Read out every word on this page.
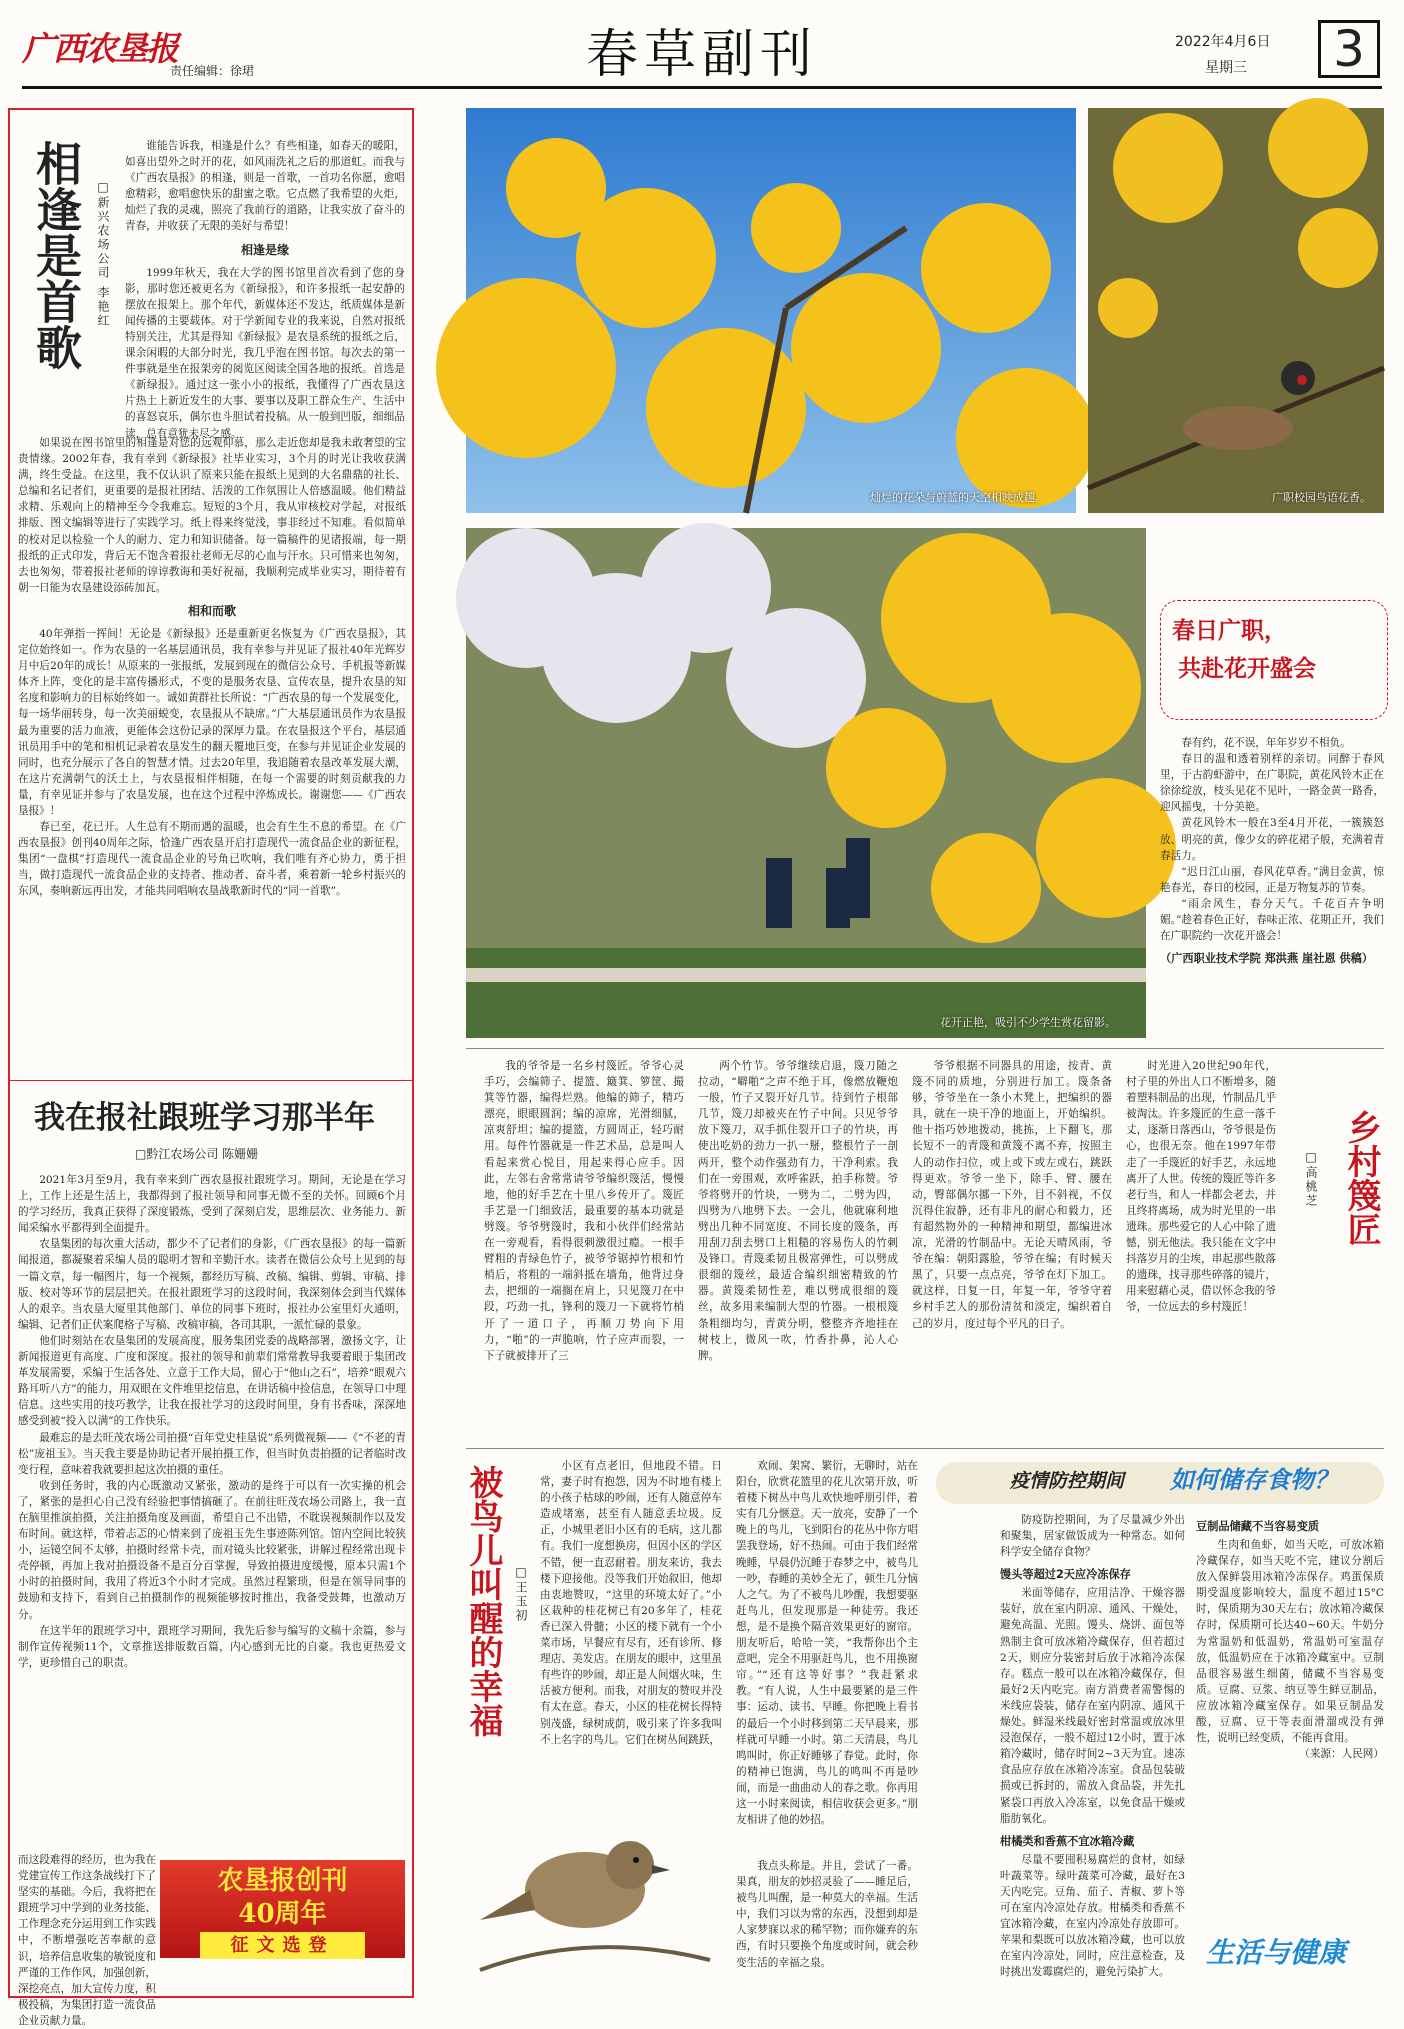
广西农垦报
责任编辑：徐珺	春草副刊	2022年4月6日
星期三	3
相逢是首歌 □新兴农场公司 李艳红

谁能告诉我，相逢是什么？有些相逢，如春天的暖阳，如喜出望外之时开的花，如风雨洗礼之后的那道虹。而我与《广西农垦报》的相逢，则是一首歌，一首功名你愿，愈唱愈精彩，愈唱愈快乐的甜蜜之歌。它点燃了我希望的火炬，灿烂了我的灵魂，照亮了我前行的道路，让我实放了奋斗的青春，并收获了无限的美好与希望！

相逢是缘

1999年秋天，我在大学的图书馆里首次看到了您的身影，那时您还被更名为《新绿报》，和许多报纸一起安静的摆放在报架上。那个年代，新媒体还不发达，纸质媒体是新闻传播的主要载体。对于学新闻专业的我来说，自然对报纸特别关注，尤其是得知《新绿报》是农垦系统的报纸之后，课余闲暇的大部分时光，我几乎泡在图书馆。每次去的第一件事就是坐在报架旁的阅览区阅读全国各地的报纸。首选是《新绿报》。通过这一张小小的报纸，我懂得了广西农垦这片热土上新近发生的大事、要事以及职工群众生产、生活中的喜怒哀乐，偶尔也斗胆试着投稿。从一般到凹版，细细品读，总有意犹未尽之感。

如果说在图书馆里的相逢是对您的远观仰慕，那么走近您却是我未敢奢望的宝贵情缘。2002年春，我有幸到《新绿报》社毕业实习，3个月的时光让我收获满满，终生受益。在这里，我不仅认识了原来只能在报纸上见到的大名鼎鼎的社长、总编和名记者们，更重要的是报社团结、活泼的工作氛围让人倍感温暖。他们精益求精、乐观向上的精神至今令我难忘。短短的3个月，我从审核校对学起，对报纸排版、图文编辑等进行了实践学习。纸上得来终觉浅，事非经过不知难。看似简单的校对足以检验一个人的耐力、定力和知识储备。每一篇稿件的见诸报端，每一期报纸的正式印发，背后无不饱含着报社老师无尽的心血与汗水。只可惜来也匆匆，去也匆匆，带着报社老师的谆谆教诲和美好祝福，我顺利完成毕业实习，期待着有朝一日能为农垦建设添砖加瓦。

相和而歌

40年弹指一挥间！无论是《新绿报》还是重新更名恢复为《广西农垦报》，其定位始终如一。作为农垦的一名基层通讯员，我有幸参与并见证了报社40年光辉岁月中后20年的成长！从原来的一张报纸，发展到现在的微信公众号、手机报等新媒体齐上阵，变化的是丰富传播形式，不变的是服务农垦、宣传农垦，提升农垦的知名度和影响力的目标始终如一。诚如黄群社长所说：“广西农垦的每一个发展变化，每一场华丽转身，每一次美丽蜕变，农垦报从不缺席。”广大基层通讯员作为农垦报最为重要的活力血液，更能体会这份记录的深厚力量。在农垦报这个平台，基层通讯员用手中的笔和相机记录着农垦发生的翻天覆地巨变，在参与并见证企业发展的同时，也充分展示了各自的智慧才情。过去20年里，我追随着农垦改革发展大潮，在这片充满朝气的沃土上，与农垦报相伴相随，在每一个需要的时刻贡献我的力量，有幸见证并参与了农垦发展，也在这个过程中淬炼成长。谢谢您——《广西农垦报》！

春已至，花已开。人生总有不期而遇的温暖，也会有生生不息的希望。在《广西农垦报》创刊40周年之际，恰逢广西农垦开启打造现代一流食品企业的新征程，集团“一盘棋”打造现代一流食品企业的号角已吹响，我们唯有齐心协力，勇于担当，做打造现代一流食品企业的支持者、推动者、奋斗者，乘着新一轮乡村振兴的东风，奏响新远再出发，才能共同唱响农垦战歌新时代的“同一首歌”。

我在报社跟班学习那半年
□黔江农场公司 陈姗姗

2021年3月至9月，我有幸来到广西农垦报社跟班学习。期间，无论是在学习上，工作上还是生活上，我都得到了报社领导和同事无微不至的关怀。回顾6个月的学习经历，我真正获得了深度锻炼，受到了深刻启发，思维层次、业务能力、新闻采编水平都得到全面提升。

农垦集团的每次重大活动，都少不了记者们的身影，《广西农垦报》的每一篇新闻报道，都凝聚着采编人员的聪明才智和辛勤汗水。读者在微信公众号上见到的每一篇文章，每一幅图片，每一个视频，都经历写稿、改稿、编辑、剪辑、审稿、排版、校对等环节的层层把关。在报社跟班学习的这段时间，我深刻体会到当代媒体人的艰辛。当农垦大厦里其他部门、单位的同事下班时，报社办公室里灯火通明，编辑、记者们正伏案爬格子写稿、改稿审稿，各司其职，一派忙碌的景象。

他们时刻站在农垦集团的发展高度，服务集团党委的战略部署，激扬文字，让新闻报道更有高度、广度和深度。报社的领导和前辈们常常教导我要着眼于集团改革发展需要，采编于生活各处、立意于工作大局，留心于“他山之石”，培养“眼观六路耳听八方”的能力，用双眼在文件堆里挖信息，在讲话稿中捡信息，在领导口中理信息。这些实用的技巧教学，让我在报社学习的这段时间里，身有书香味，深深地感受到被“投入以满”的工作快乐。

最难忘的是去旺茂农场公司拍摄“百年党史桂垦说”系列微视频——《“不老的青松”庞祖玉》。当天我主要是协助记者开展拍摄工作，但当时负责拍摄的记者临时改变行程，意味着我就要担起这次拍摄的重任。

收到任务时，我的内心既激动又紧张，激动的是终于可以有一次实操的机会了，紧张的是担心自己没有经验把事情搞砸了。在前往旺茂农场公司路上，我一直在脑里推演拍摄，关注拍摄角度及画面，希望自己不出错，不耽误视频制作以及发布时间。就这样，带着忐忑的心情来到了庞祖玉先生事迹陈列馆。馆内空间比较狭小，运镜空间不太够，拍摄时经常卡壳，而对镜头比较紧张，讲解过程经常出现卡壳停顿，再加上我对拍摄设备不是百分百掌握，导致拍摄进度缓慢，原本只需1个小时的拍摄时间，我用了将近3个小时才完成。虽然过程繁琐，但是在领导同事的鼓励和支持下，看到自己拍摄制作的视频能够按时推出，我备受鼓舞，也激动万分。

在这半年的跟班学习中，跟班学习期间，我先后参与编写的文稿十余篇，参与制作宣传视频11个，文章推送排版数百篇，内心感到无比的自豪。我也更热爱文学，更珍惜自己的职责。

而这段难得的经历，也为我在党建宣传工作这条战线打下了坚实的基础。今后，我将把在跟班学习中学到的业务技能、工作理念充分运用到工作实践中，不断增强吃苦奉献的意识，培养信息收集的敏锐度和严谨的工作作风，加强创新，深挖亮点，加大宣传力度，积极投稿，为集团打造一流食品企业贡献力量。

农垦报创刊
40周年
征文选登
灿烂的花朵与蔚蓝的天空相映成趣。	广职校园鸟语花香。
花开正艳，吸引不少学生赏花留影。
春日广职，
共赴花开盛会

春有约，花不误，年年岁岁不相负。

春日的温和透着别样的亲切。同醉于春风里，于古韵虾游中，在广职院，黄花风铃木正在徐徐绽放，枝头见花不见叶，一路金黄一路香，迎风摇曳，十分美艳。

黄花风铃木一般在3至4月开花，一簇簇怒放、明亮的黄，像少女的碎花裙子般，充满着青春活力。

“迟日江山丽，春风花草香。”满目金黄，惊艳春光，春日的校园，正是万物复苏的节奏。

“雨余风生，春分天气。千花百卉争明媚。”趁着春色正好，春味正浓、花期正开，我们在广职院约一次花开盛会！

（广西职业技术学院 郑洪燕 崖社恩 供稿）

我的爷爷是一名乡村篾匠。爷爷心灵手巧，会编筛子、提篮、簸箕、箩筐、撮箕等竹器，编得烂熟。他编的筛子，精巧漂亮，眼眼圆润；编的凉席，光滑细腻，凉爽舒坦；编的提篮，方圆周正，轻巧耐用。每件竹器就是一件艺术品，总是叫人看起来赏心悦目，用起来得心应手。因此，左邻右舍常常请爷爷编织篾活，慢慢地，他的好手艺在十里八乡传开了。篾匠手艺是一门细致活，最重要的基本功就是劈篾。爷爷劈篾时，我和小伙伴们经常站在一旁观看，看得很刺激很过瘾。一根手臂粗的青绿色竹子，被爷爷锯掉竹根和竹梢后，将粗的一端斜抵在墙角，他背过身去，把细的一端搁在肩上，只见篾刀在中段，巧劲一扎，锋利的篾刀一下就将竹梢开了一道口子，再顺刀势向下用力，“啪”的一声脆响，竹子应声而裂，一下子就被排开了三

两个竹节。爷爷继续启退，篾刀随之拉动，“噼啪”之声不绝于耳，像燃放鞭炮一般，竹子又裂开好几节。待到竹子根部几节，篾刀却被夹在竹子中间。只见爷爷放下篾刀，双手抓住裂开口子的竹块，再使出吃奶的劲力一扒一掰，整根竹子一剖两开，整个动作强劲有力，干净利索。我们在一旁围观，欢呼雀跃，拍手称赞。爷爷将劈开的竹块，一劈为二，二劈为四，四劈为八地劈下去。一会儿，他就麻利地劈出几种不同宽度、不同长度的篾条，再用刮刀刮去劈口上粗糙的容易伤人的竹刺及锋口。青篾柔韧且极富弹性，可以劈成很细的篾丝，最适合编织细密精致的竹器。黄篾柔韧性差，难以劈成很细的篾丝，故多用来编制大型的竹器。一根根篾条粗细均匀，青黄分明，整整齐齐地挂在树枝上，微风一吹，竹香扑鼻，沁人心脾。

爷爷根据不同器具的用途，按青、黄篾不同的质地，分别进行加工。篾条备够，爷爷坐在一条小木凳上，把编织的器具，就在一块干净的地面上，开始编织。他十指巧妙地拨动，挑拣，上下翻飞，那长短不一的青篾和黄篾不离不弃，按照主人的动作扫位，或上或下或左或右，跳跃得更欢。爷爷一坐下，除手、臂、腰在动，臀部偶尔挪一下外，目不斜视，不仅沉得住寂静，还有非凡的耐心和毅力，还有超然物外的一种精神和期望，都编进冰凉，光滑的竹制品中。无论天晴风雨，爷爷在编：朝阳露脸，爷爷在编；有时候天黑了，只要一点点亮，爷爷在灯下加工。就这样，日复一日，年复一年，爷爷守着乡村手艺人的那份清贫和淡定，编织着自己的岁月，度过每个平凡的日子。

时光进入20世纪90年代，村子里的外出人口不断增多，随着塑料制品的出现，竹制品几乎被淘汰。许多篾匠的生意一落千丈，逐渐日落西山，爷爷很是伤心，也很无奈。他在1997年带走了一手篾匠的好手艺，永远地离开了人世。传统的篾匠等许多老行当，和人一样都会老去，并且终将离场，成为时光里的一串遗珠。那些爱它的人心中除了遗憾，别无他法。我只能在文字中抖落岁月的尘埃，串起那些散落的遗珠，找寻那些碎落的镜片，用来慰藉心灵，借以怀念我的爷爷，一位远去的乡村篾匠！

乡村篾匠
□高桃芝
被鸟儿叫醒的幸福 □王玉初

小区有点老旧，但地段不错。日常，妻子时有抱怨，因为不时地有楼上的小孩子枯球的吵闹，还有人随意停车造成堵塞，甚至有人随意丢垃圾。反正，小城里老旧小区有的毛病，这儿都有。我们一度想换房，但因小区的学区不错，便一直忍耐着。朋友来访，我去楼下迎接他。没等我们开始叙旧，他却由衷地赞叹，“这里的环境太好了。”小区栽种的桂花树已有20多年了，桂花香已深入骨髓；小区的楼下就有一个小菜市场，早餐应有尽有，还有诊所、修理店、美发店。在朋友的眼中，这里虽有些许的吵闹，却正是人间烟火味，生活被方便利。而我，对朋友的赞叹并没有太在意。春天，小区的桂花树长得特别茂盛，绿树成荫，吸引来了许多我叫不上名字的鸟儿。它们在树丛间跳跃，

欢闹、架窝、繁衍，无聊时，站在阳台，欣赏花篮里的花儿次第开放，听着楼下树丛中鸟儿欢快地呼朋引伴，着实有几分惬意。天一放亮，安静了一个晚上的鸟儿，飞到阳台的花丛中你方唱罢我登场，好不热闹。可由于我们经常晚睡，早晨仍沉睡于春梦之中，被鸟儿一吵，春睡的美妙全无了，顿生几分恼人之气。为了不被鸟儿吵醒，我想要驱赶鸟儿，但发现那是一种徒劳。我还想，是不是换个隔音效果更好的窗帘。朋友听后，哈哈一笑，“我帮你出个主意吧，完全不用驱赶鸟儿，也不用换窗帘。”“还有这等好事？”我赶紧求教。“有人说，人生中最要紧的是三件事：运动、读书、早睡。你把晚上看书的最后一个小时移到第二天早晨来，那样就可早睡一小时。第二天清晨，鸟儿鸣叫时，你正好睡够了春觉。此时，你的精神已饱满，鸟儿的鸣叫不再是吵闹，而是一曲曲动人的春之歌。你再用这一小时来阅读，相信收获会更多。”朋友相讲了他的妙招。

我点头称是。并且，尝试了一番。果真，朋友的妙招灵验了——睡足后，被鸟儿叫醒，是一种莫大的幸福。生活中，我们习以为常的东西，没想到却是人家梦寐以求的稀罕物；而你嫌弃的东西，有时只要换个角度或时间，就会秒变生活的幸福之泉。

疫情防控期间 如何储存食物？

防疫防控期间，为了尽量减少外出和聚集，居家做饭成为一种常态。如何科学安全储存食物？

馒头等超过2天应冷冻保存

米面等储存，应用洁净、干燥容器装好，放在室内阴凉、通风、干燥处，避免高温、光照。馒头、烧饼、面包等熟制主食可放冰箱冷藏保存，但若超过2天，则应分装密封后放于冰箱冷冻保存。糕点一般可以在冰箱冷藏保存，但最好2天内吃完。南方消费者需警惕的米线应袋装，储存在室内阴凉、通风干燥处。鲜湿米线最好密封常温或放冰里浸泡保存，一般不超过12小时，置于冰箱冷藏时，储存时间2~3天为宜。速冻食品应存放在冰箱冷冻室。食品包装破损或已拆封的，需放入食品袋，并先扎紧袋口再放入冷冻室，以免食品干燥或脂肪氧化。

柑橘类和香蕉不宜冰箱冷藏

尽量不要囤积易腐烂的食材，如绿叶蔬菜等。绿叶蔬菜可冷藏，最好在3天内吃完。豆角、茄子、青椒、萝卜等可在室内冷凉处存放。柑橘类和香蕉不宜冰箱冷藏，在室内冷凉处存放即可。苹果和梨既可以放冰箱冷藏，也可以放在室内冷凉处，同时，应注意检查，及时挑出发霉腐烂的，避免污染扩大。

豆制品储藏不当容易变质

生肉和鱼虾，如当天吃，可放冰箱冷藏保存，如当天吃不完，建议分割后放入保鲜袋用冰箱冷冻保存。鸡蛋保质期受温度影响较大，温度不超过15°C时，保质期为30天左右；放冰箱冷藏保存时，保质期可长达40~60天。牛奶分为常温奶和低温奶，常温奶可室温存放，低温奶应在于冰箱冷藏室中。豆制品很容易滋生细菌，储藏不当容易变质。豆腐、豆浆、纳豆等生鲜豆制品，应放冰箱冷藏室保存。如果豆制品发酸，豆腐、豆干等表面滑溜或没有弹性，说明已经变质，不能再食用。

（来源：人民网）

生活与健康
